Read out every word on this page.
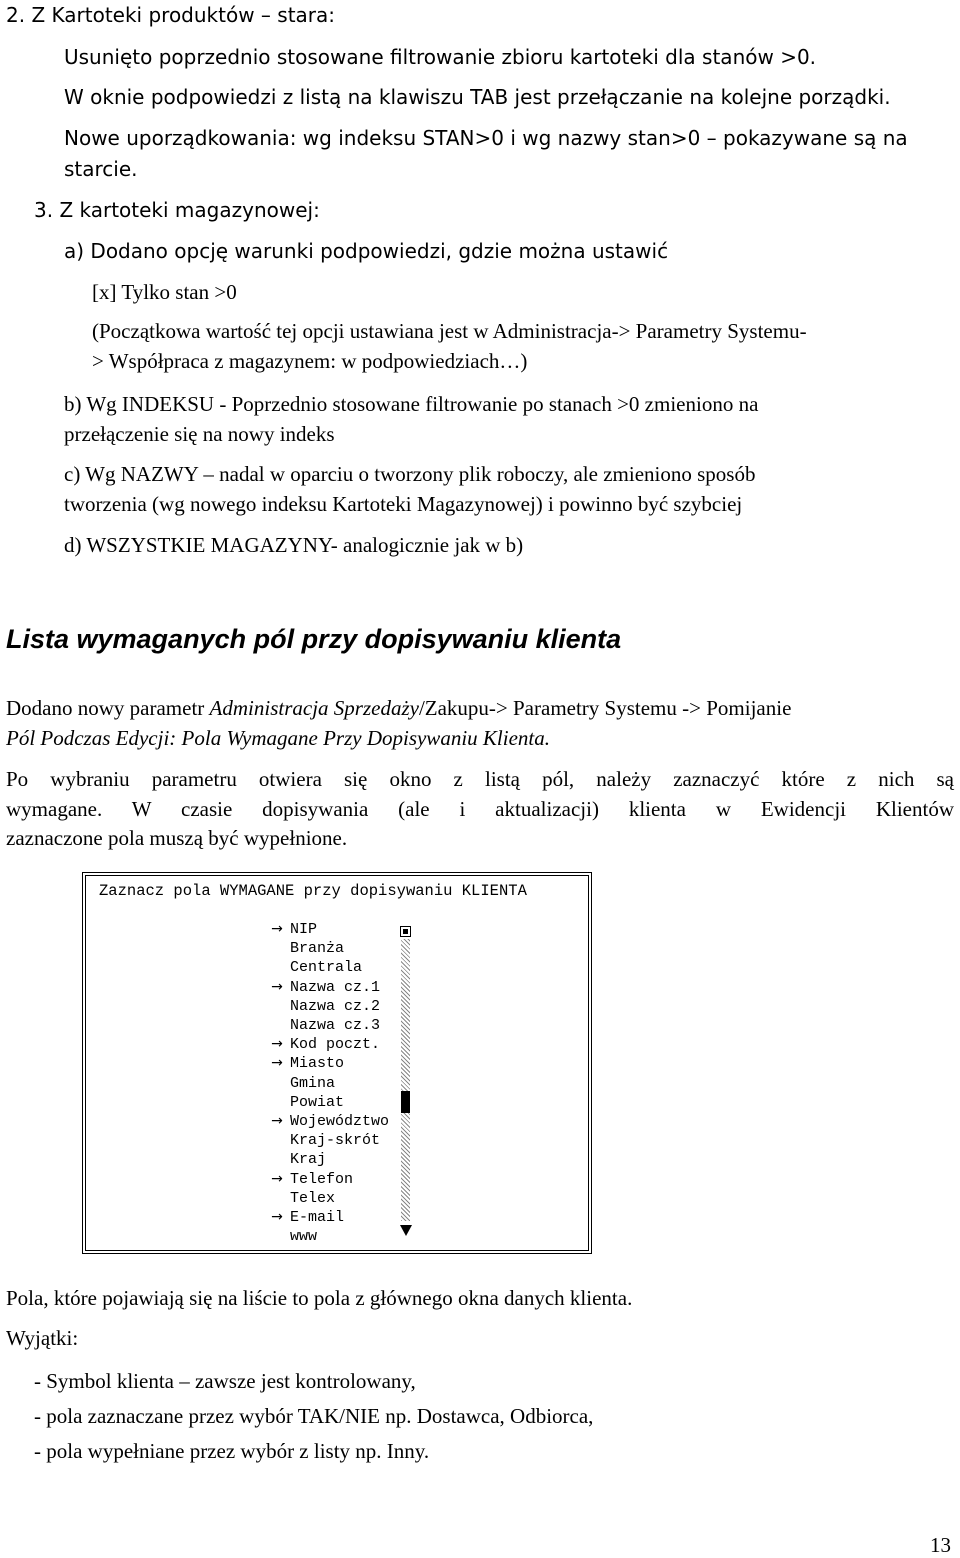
2. Z Kartoteki produktów – stara:
Usunięto poprzednio stosowane filtrowanie zbioru kartoteki dla stanów >0.
W oknie podpowiedzi z listą na klawiszu TAB jest przełączanie na kolejne porządki.
Nowe uporządkowania: wg indeksu STAN>0 i wg nazwy stan>0 – pokazywane są na
starcie.
3. Z kartoteki magazynowej:
a) Dodano opcję warunki podpowiedzi, gdzie można ustawić
[x] Tylko stan >0
(Początkowa wartość tej opcji ustawiana jest w Administracja-> Parametry Systemu-
> Współpraca z magazynem: w podpowiedziach…)
b) Wg INDEKSU - Poprzednio stosowane filtrowanie po stanach >0 zmieniono na
przełączenie się na nowy indeks
c) Wg NAZWY – nadal w oparciu o tworzony plik roboczy, ale zmieniono sposób
tworzenia (wg nowego indeksu Kartoteki Magazynowej) i powinno być szybciej
d) WSZYSTKIE MAGAZYNY- analogicznie jak w b)
Lista wymaganych pól przy dopisywaniu klienta
Dodano nowy parametr Administracja Sprzedaży/Zakupu-> Parametry Systemu -> Pomijanie
Pól Podczas Edycji: Pola Wymagane Przy Dopisywaniu Klienta.
Po wybraniu parametru otwiera się okno z listą pól, należy zaznaczyć które z nich są
wymagane. W czasie dopisywania (ale i aktualizacji) klienta w Ewidencji Klientów
zaznaczone pola muszą być wypełnione.
Zaznacz pola WYMAGANE przy dopisywaniu KLIENTA
→ NIP
Branża
Centrala
→ Nazwa cz.1
Nazwa cz.2
Nazwa cz.3
→ Kod poczt.
→ Miasto
Gmina
Powiat
→ Województwo
Kraj-skrót
Kraj
→ Telefon
Telex
→ E-mail
www
Pola, które pojawiają się na liście to pola z głównego okna danych klienta.
Wyjątki:
- Symbol klienta – zawsze jest kontrolowany,
- pola zaznaczane przez wybór TAK/NIE np. Dostawca, Odbiorca,
- pola wypełniane przez wybór z listy np. Inny.
13
